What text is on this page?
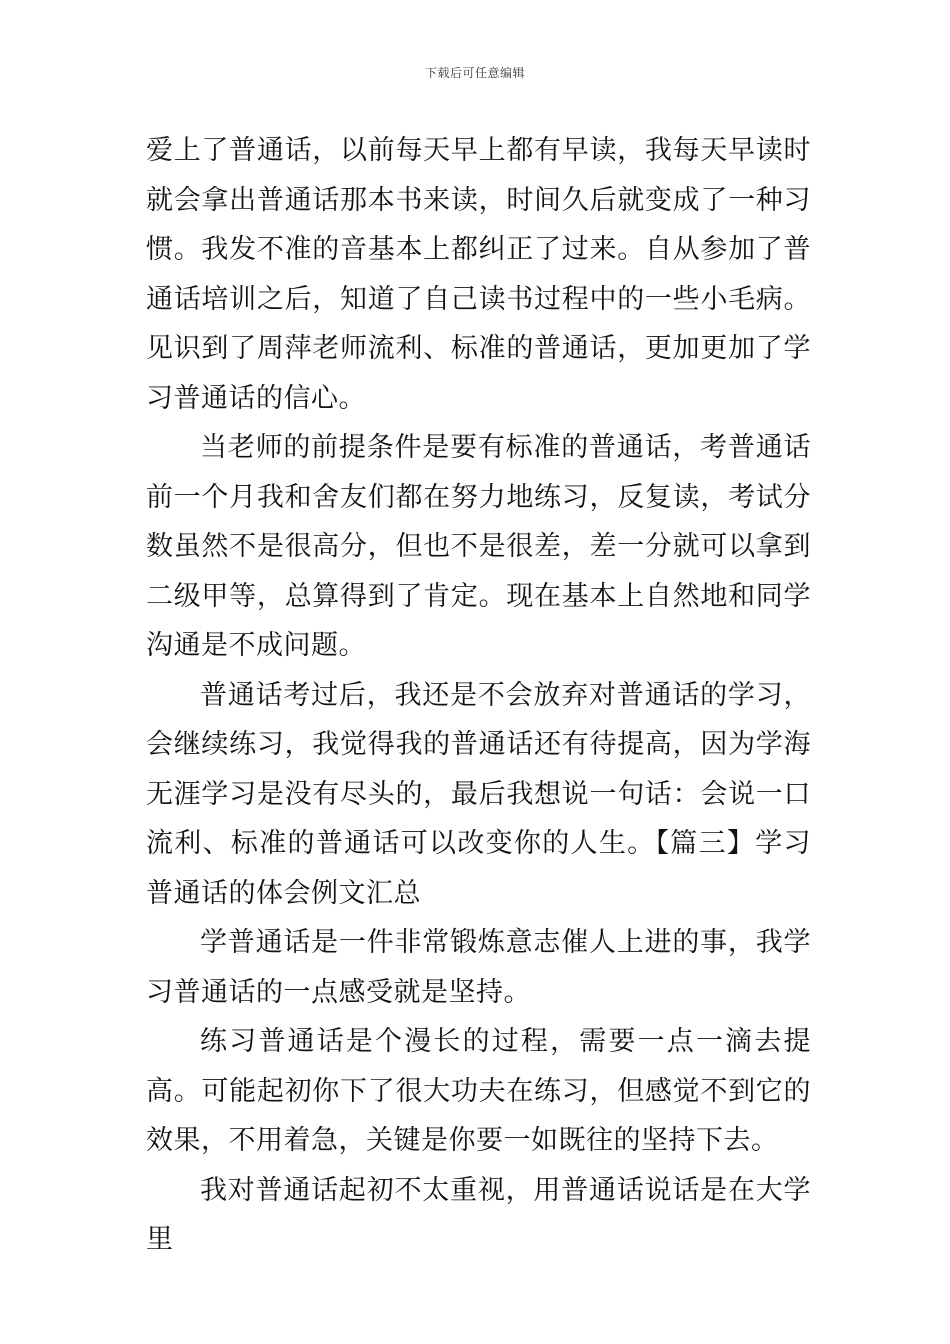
下载后可任意编辑

爱上了普通话，以前每天早上都有早读，我每天早读时就会拿出普通话那本书来读，时间久后就变成了一种习惯。我发不准的音基本上都纠正了过来。自从参加了普通话培训之后，知道了自己读书过程中的一些小毛病。见识到了周萍老师流利、标准的普通话，更加更加了学习普通话的信心。

当老师的前提条件是要有标准的普通话，考普通话前一个月我和舍友们都在努力地练习，反复读，考试分数虽然不是很高分，但也不是很差，差一分就可以拿到二级甲等，总算得到了肯定。现在基本上自然地和同学沟通是不成问题。

普通话考过后，我还是不会放弃对普通话的学习，会继续练习，我觉得我的普通话还有待提高，因为学海无涯学习是没有尽头的，最后我想说一句话：会说一口流利、标准的普通话可以改变你的人生。【篇三】学习普通话的体会例文汇总

学普通话是一件非常锻炼意志催人上进的事，我学习普通话的一点感受就是坚持。

练习普通话是个漫长的过程，需要一点一滴去提高。可能起初你下了很大功夫在练习，但感觉不到它的效果，不用着急，关键是你要一如既往的坚持下去。

我对普通话起初不太重视，用普通话说话是在大学里
